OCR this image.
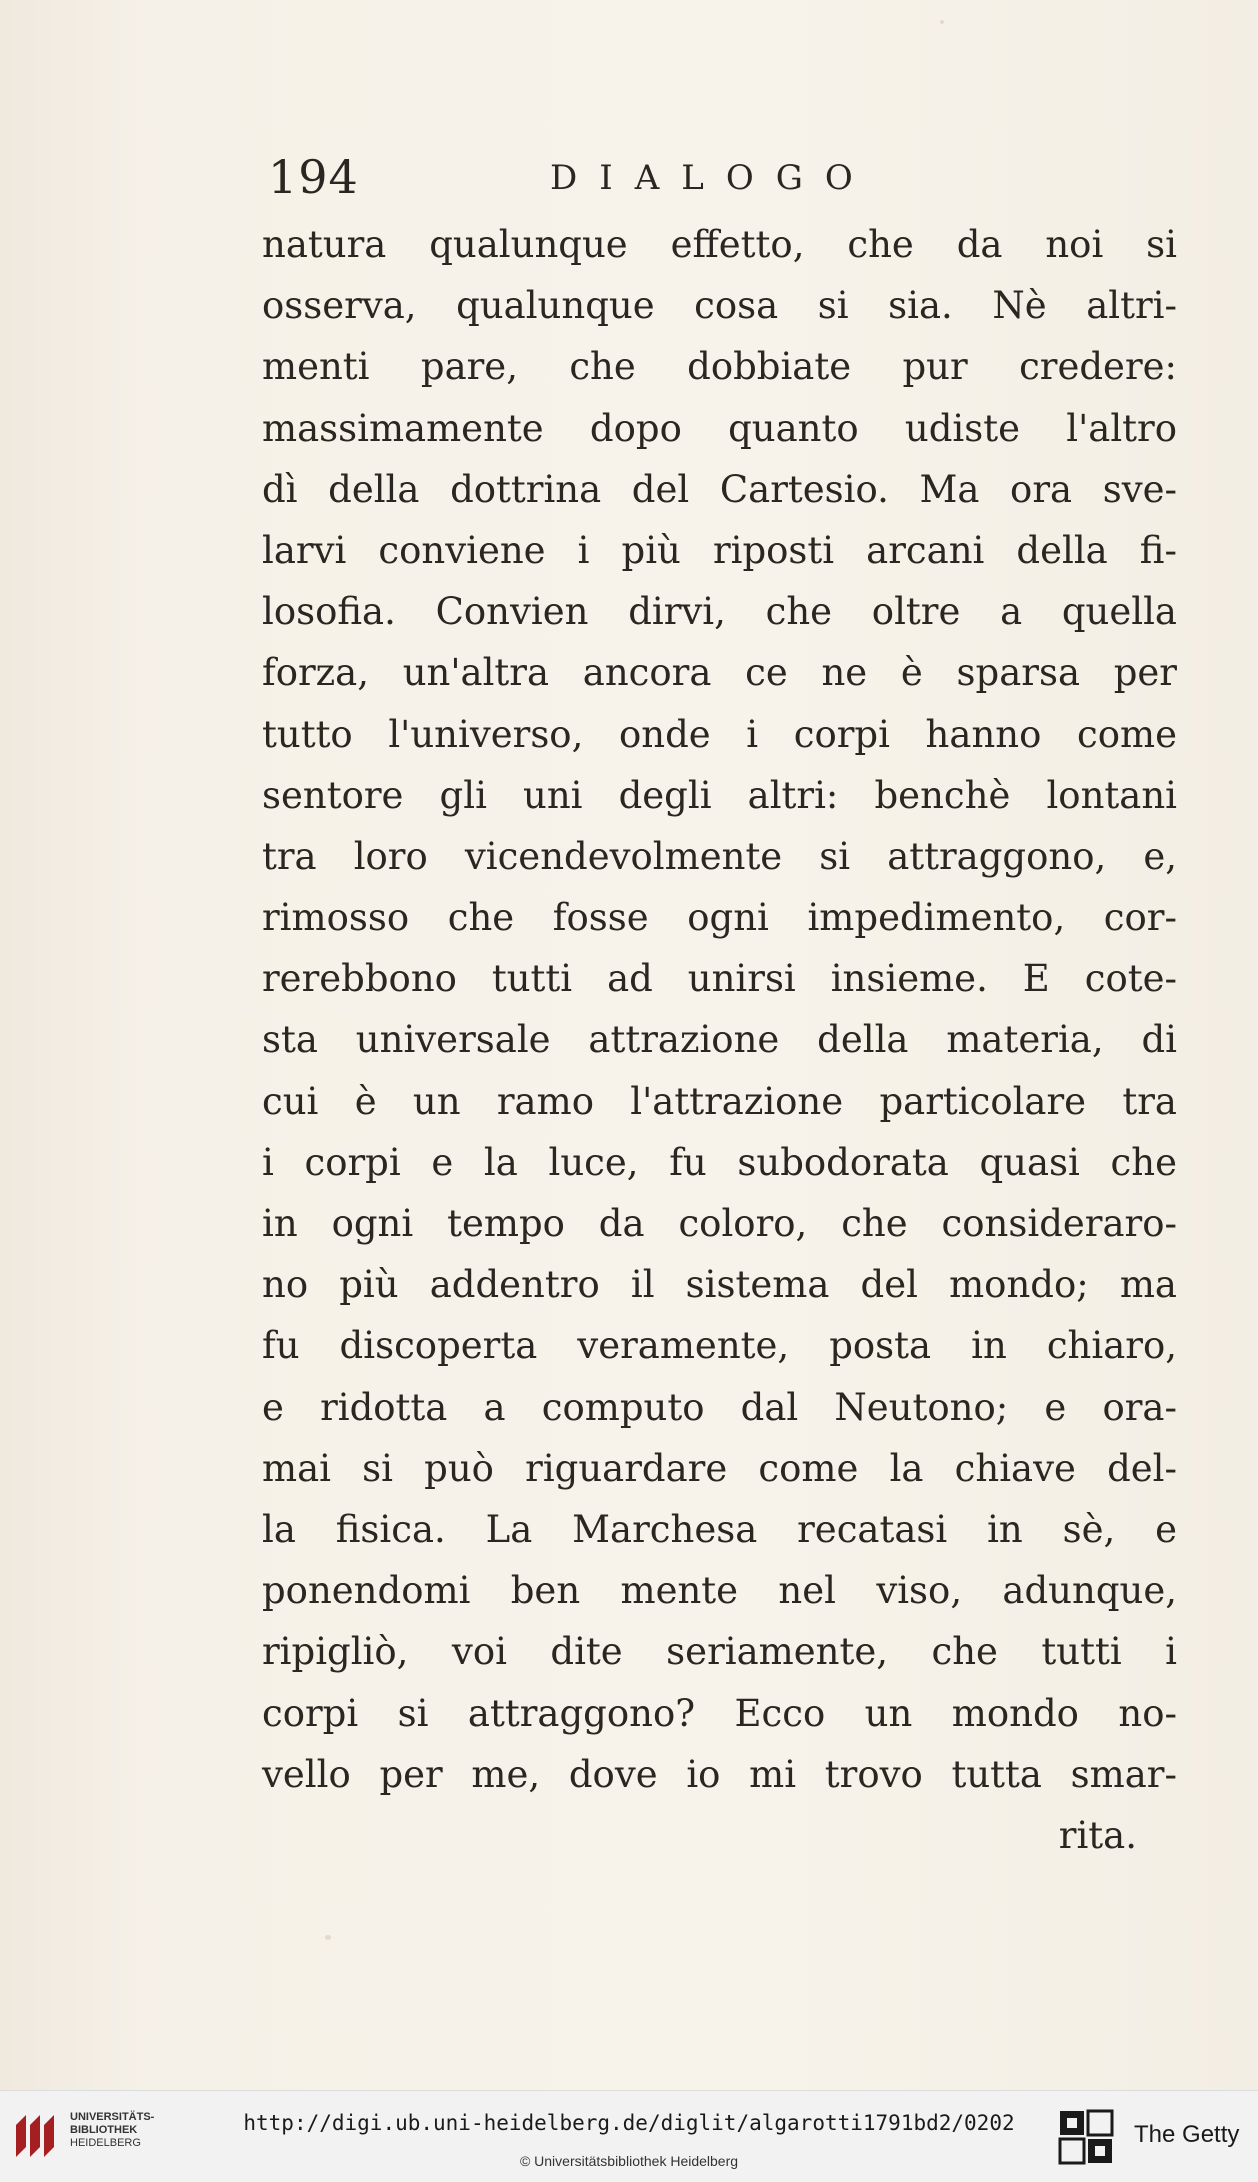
194	DIALOGO
natura qualunque effetto, che da noi si
osserva, qualunque cosa si sia. Nè altri-
menti pare, che dobbiate pur credere:
massimamente dopo quanto udiste l'altro
dì della dottrina del Cartesio. Ma ora sve-
larvi conviene i più riposti arcani della fi-
losofia. Convien dirvi, che oltre a quella
forza, un'altra ancora ce ne è sparsa per
tutto l'universo, onde i corpi hanno come
sentore gli uni degli altri: benchè lontani
tra loro vicendevolmente si attraggono, e,
rimosso che fosse ogni impedimento, cor-
rerebbono tutti ad unirsi insieme. E cote-
sta universale attrazione della materia, di
cui è un ramo l'attrazione particolare tra
i corpi e la luce, fu subodorata quasi che
in ogni tempo da coloro, che consideraro-
no più addentro il sistema del mondo; ma
fu discoperta veramente, posta in chiaro,
e ridotta a computo dal Neutono; e ora-
mai si può riguardare come la chiave del-
la fisica. La Marchesa recatasi in sè, e
ponendomi ben mente nel viso, adunque,
ripigliò, voi dite seriamente, che tutti i
corpi si attraggono? Ecco un mondo no-
vello per me, dove io mi trovo tutta smar-
rita.
UNIVERSITÄTS-
BIBLIOTHEK
HEIDELBERG
http://digi.ub.uni-heidelberg.de/diglit/algarotti1791bd2/0202
© Universitätsbibliothek Heidelberg
The Getty
